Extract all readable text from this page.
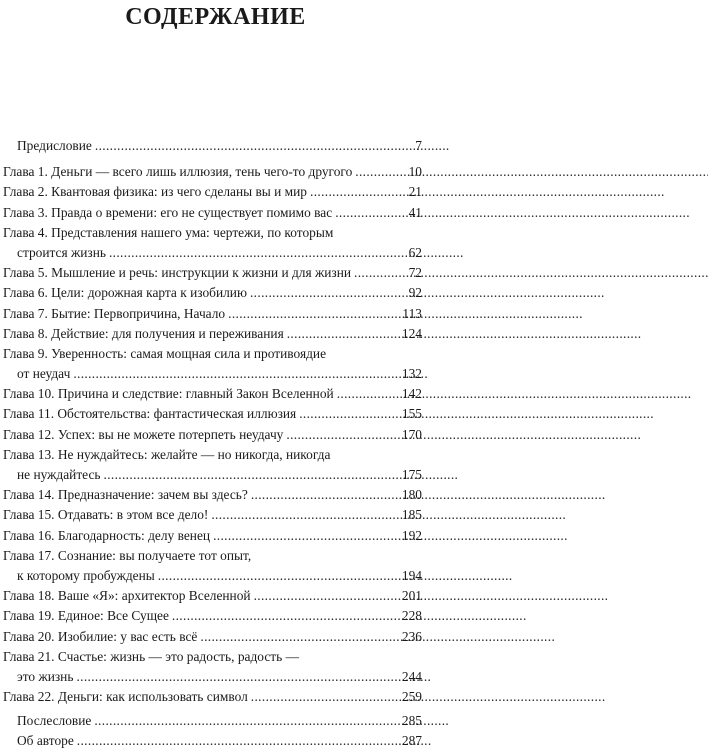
СОДЕРЖАНИЕ
Предисловие . . .	7
Глава 1. Деньги — всего лишь иллюзия, тень чего-то другого . . .	10
Глава 2. Квантовая физика: из чего сделаны вы и мир . . .	21
Глава 3. Правда о времени: его не существует помимо вас . . .	41
Глава 4. Представления нашего ума: чертежи, по которым
строится жизнь . . .	62
Глава 5. Мышление и речь: инструкции к жизни и для жизни . . .	72
Глава 6. Цели: дорожная карта к изобилию . . .	92
Глава 7. Бытие: Первопричина, Начало . . .	113
Глава 8. Действие: для получения и переживания . . .	124
Глава 9. Уверенность: самая мощная сила и противоядие
от неудач . . .	132
Глава 10. Причина и следствие: главный Закон Вселенной . . .	142
Глава 11. Обстоятельства: фантастическая иллюзия . . .	155
Глава 12. Успех: вы не можете потерпеть неудачу . . .	170
Глава 13. Не нуждайтесь: желайте — но никогда, никогда
не нуждайтесь . . .	175
Глава 14. Предназначение: зачем вы здесь? . . .	180
Глава 15. Отдавать: в этом все дело! . . .	185
Глава 16. Благодарность: делу венец . . .	192
Глава 17. Сознание: вы получаете тот опыт,
к которому пробуждены . . .	194
Глава 18. Ваше «Я»: архитектор Вселенной . . .	201
Глава 19. Единое: Все Сущее . . .	228
Глава 20. Изобилие: у вас есть всё . . .	236
Глава 21. Счастье: жизнь — это радость, радость —
это жизнь . . .	244
Глава 22. Деньги: как использовать символ . . .	259
Послесловие . . .	285
Об авторе . . .	287
